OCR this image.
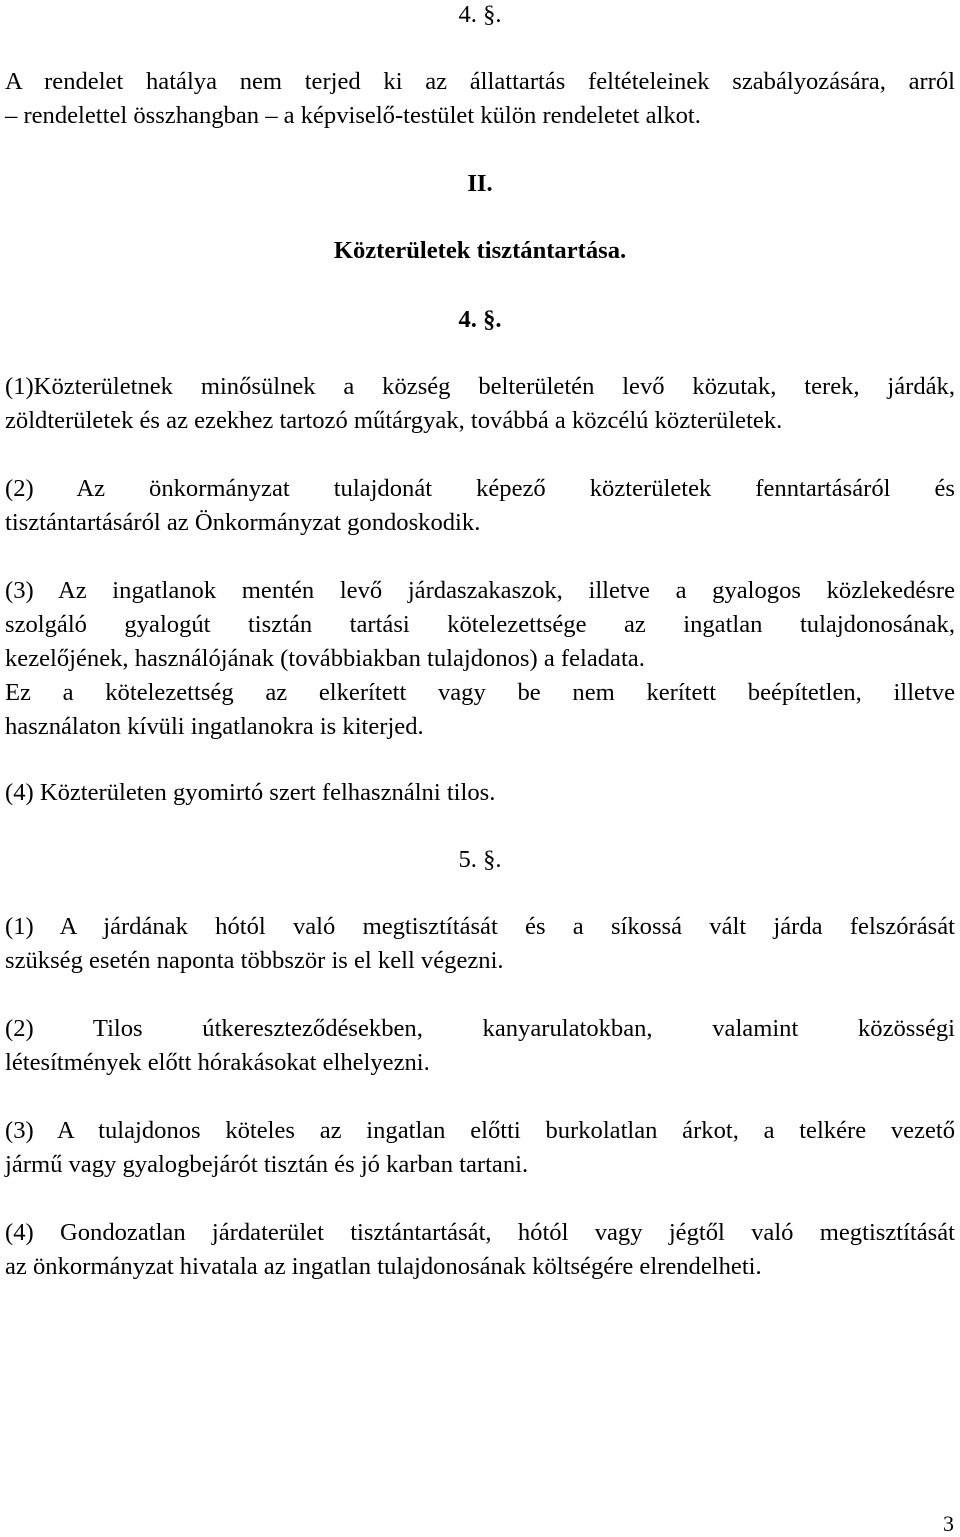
4. §.
A rendelet hatálya nem terjed ki az állattartás feltételeinek szabályozására, arról
– rendelettel összhangban – a képviselő-testület külön rendeletet alkot.
II.
Közterületek tisztántartása.
4. §.
(1)Közterületnek minősülnek a község belterületén levő közutak, terek, járdák,
zöldterületek és az ezekhez tartozó műtárgyak, továbbá a közcélú közterületek.
(2) Az önkormányzat tulajdonát képező közterületek fenntartásáról és
tisztántartásáról az Önkormányzat gondoskodik.
(3) Az ingatlanok mentén levő járdaszakaszok, illetve a gyalogos közlekedésre
szolgáló gyalogút tisztán tartási kötelezettsége az ingatlan tulajdonosának,
kezelőjének, használójának (továbbiakban tulajdonos) a feladata.
Ez a kötelezettség az elkerített vagy be nem kerített beépítetlen, illetve
használaton kívüli ingatlanokra is kiterjed.
(4) Közterületen gyomirtó szert felhasználni tilos.
5. §.
(1) A járdának hótól való megtisztítását és a síkossá vált járda felszórását
szükség esetén naponta többször is el kell végezni.
(2) Tilos útkereszteződésekben, kanyarulatokban, valamint közösségi
létesítmények előtt hórakásokat elhelyezni.
(3) A tulajdonos köteles az ingatlan előtti burkolatlan árkot, a telkére vezető
jármű vagy gyalogbejárót tisztán és jó karban tartani.
(4) Gondozatlan járdaterület tisztántartását, hótól vagy jégtől való megtisztítását
az önkormányzat hivatala az ingatlan tulajdonosának költségére elrendelheti.
3
